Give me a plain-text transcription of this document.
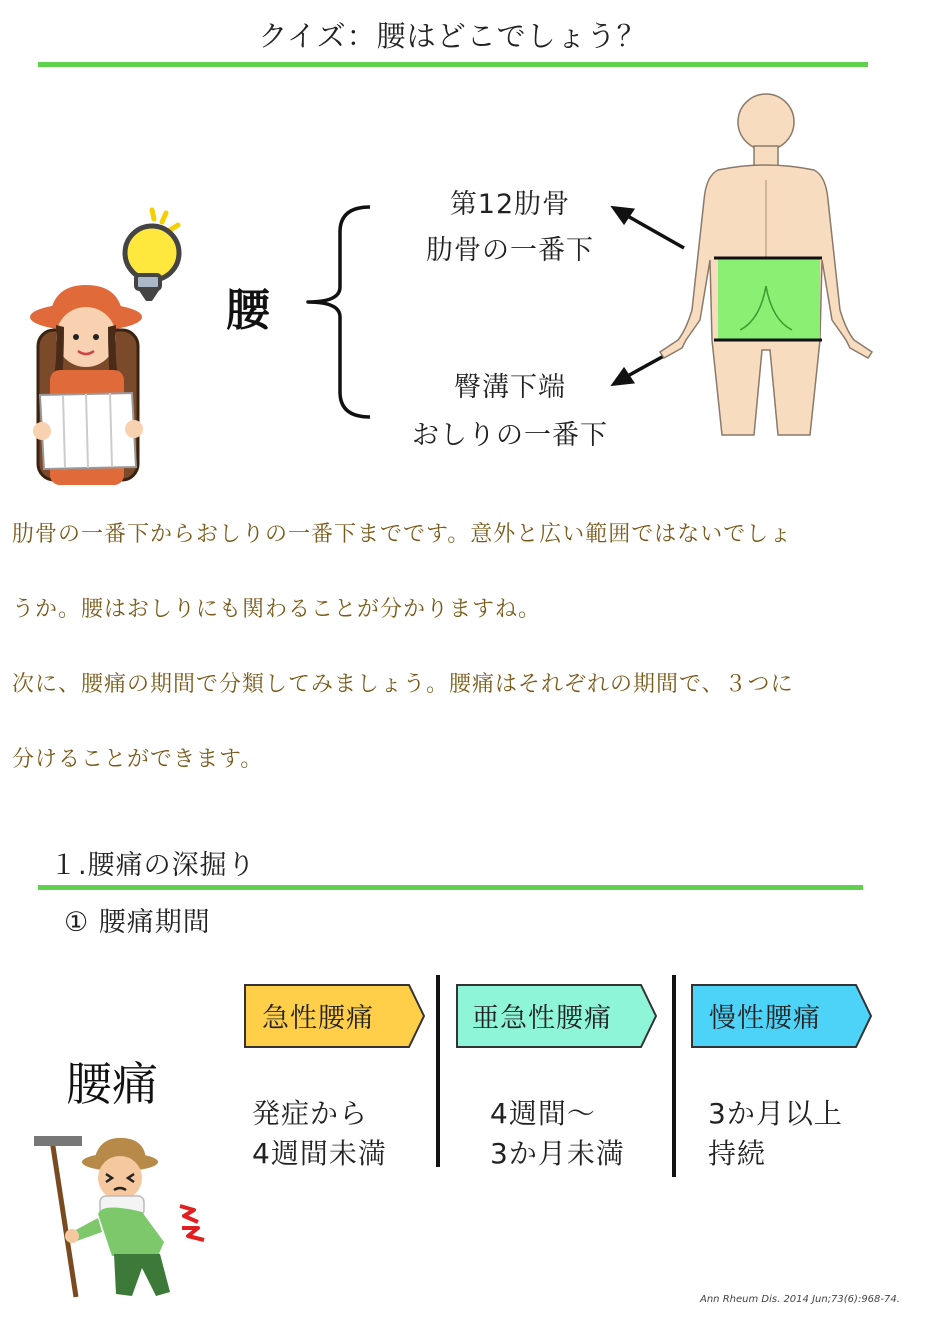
クイズ：腰はどこでしょう？
腰
第12肋骨
肋骨の一番下
臀溝下端
おしりの一番下
肋骨の一番下からおしりの一番下までです。意外と広い範囲ではないでしょ
うか。腰はおしりにも関わることが分かりますね。
次に、腰痛の期間で分類してみましょう。腰痛はそれぞれの期間で、３つに
分けることができます。
１.腰痛の深掘り
① 腰痛期間
腰痛
急性腰痛	亜急性腰痛	慢性腰痛
発症から
4週間未満
4週間～
3か月未満
3か月以上
持続
Ann Rheum Dis. 2014 Jun;73(6):968-74.
